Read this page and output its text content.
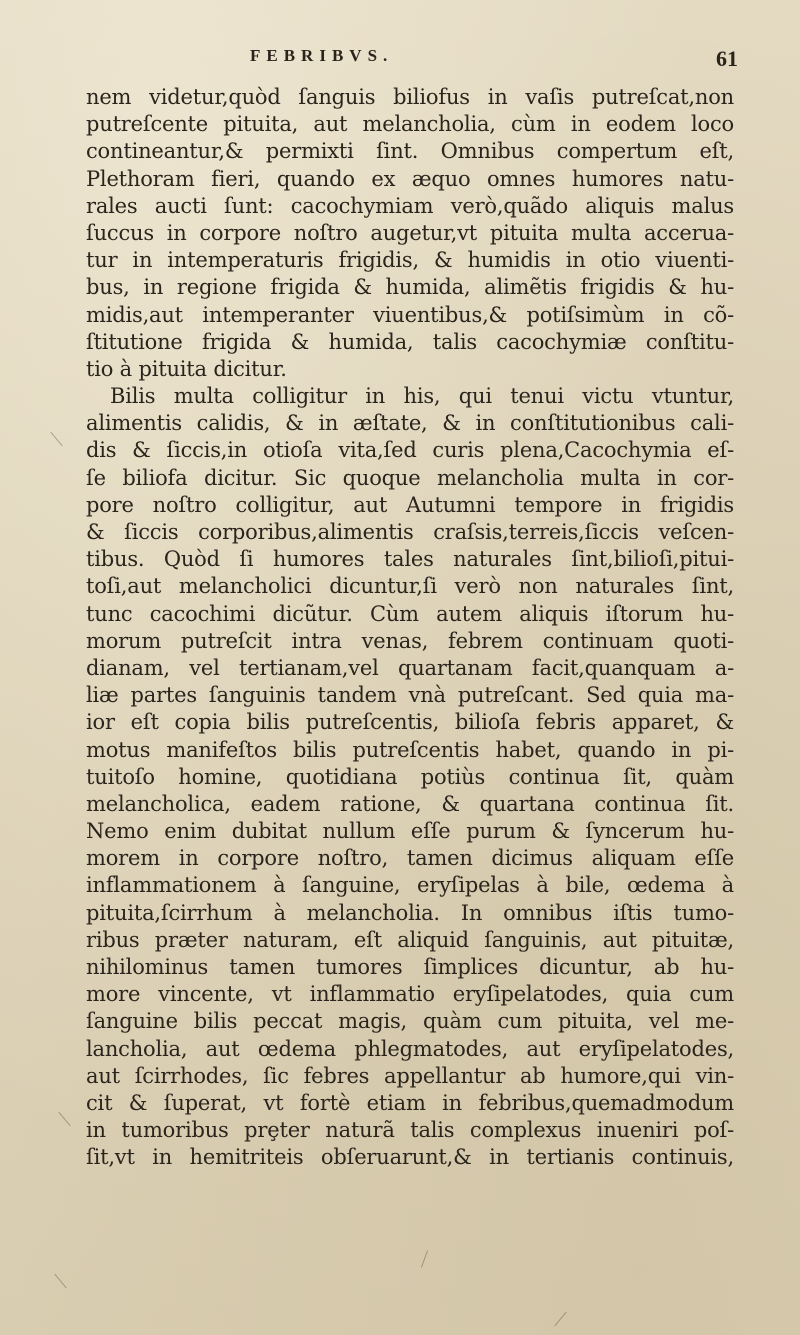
FEBRIBVS.	61
nem videtur,quòd ſanguis biliofus in vaſis putreſcat,non
putreſcente pituita, aut melancholia, cùm in eodem loco
contineantur,& permixti ſint. Omnibus compertum eſt,
Plethoram fieri, quando ex æquo omnes humores natu-
rales aucti ſunt: cacochymiam verò,quãdo aliquis malus
ſuccus in corpore noſtro augetur,vt pituita multa accerua-
tur in intemperaturis frigidis, & humidis in otio viuenti-
bus, in regione frigida & humida, alimẽtis frigidis & hu-
midis,aut intemperanter viuentibus,& potiſsimùm in cõ-
ſtitutione frigida & humida, talis cacochymiæ conſtitu-
tio à pituita dicitur.
Bilis multa colligitur in his, qui tenui victu vtuntur,
alimentis calidis, & in æſtate, & in conſtitutionibus cali-
dis & ſiccis,in otioſa vita,ſed curis plena,Cacochymia eſ-
ſe biliofa dicitur. Sic quoque melancholia multa in cor-
pore noſtro colligitur, aut Autumni tempore in frigidis
& ſiccis corporibus,alimentis craſsis,terreis,ſiccis veſcen-
tibus. Quòd ſi humores tales naturales ſint,bilioſi,pitui-
toſi,aut melancholici dicuntur,ſi verò non naturales ſint,
tunc cacochimi dicũtur. Cùm autem aliquis iſtorum hu-
morum putreſcit intra venas, febrem continuam quoti-
dianam, vel tertianam,vel quartanam facit,quanquam a-
liæ partes ſanguinis tandem vnà putreſcant. Sed quia ma-
ior eſt copia bilis putreſcentis, bilioſa febris apparet, &
motus manifeſtos bilis putreſcentis habet, quando in pi-
tuitoſo homine, quotidiana potiùs continua ſit, quàm
melancholica, eadem ratione, & quartana continua ſit.
Nemo enim dubitat nullum eſſe purum & ſyncerum hu-
morem in corpore noſtro, tamen dicimus aliquam eſſe
inflammationem à ſanguine, eryſipelas à bile, œdema à
pituita,ſcirrhum à melancholia. In omnibus iſtis tumo-
ribus præter naturam, eſt aliquid ſanguinis, aut pituitæ,
nihilominus tamen tumores ſimplices dicuntur, ab hu-
more vincente, vt inflammatio eryſipelatodes, quia cum
ſanguine bilis peccat magis, quàm cum pituita, vel me-
lancholia, aut œdema phlegmatodes, aut eryſipelatodes,
aut ſcirrhodes, ſic febres appellantur ab humore,qui vin-
cit & ſuperat, vt fortè etiam in febribus,quemadmodum
in tumoribus prȩter naturã talis complexus inueniri poſ-
ſit,vt in hemitriteis obſeruarunt,& in tertianis continuis,
